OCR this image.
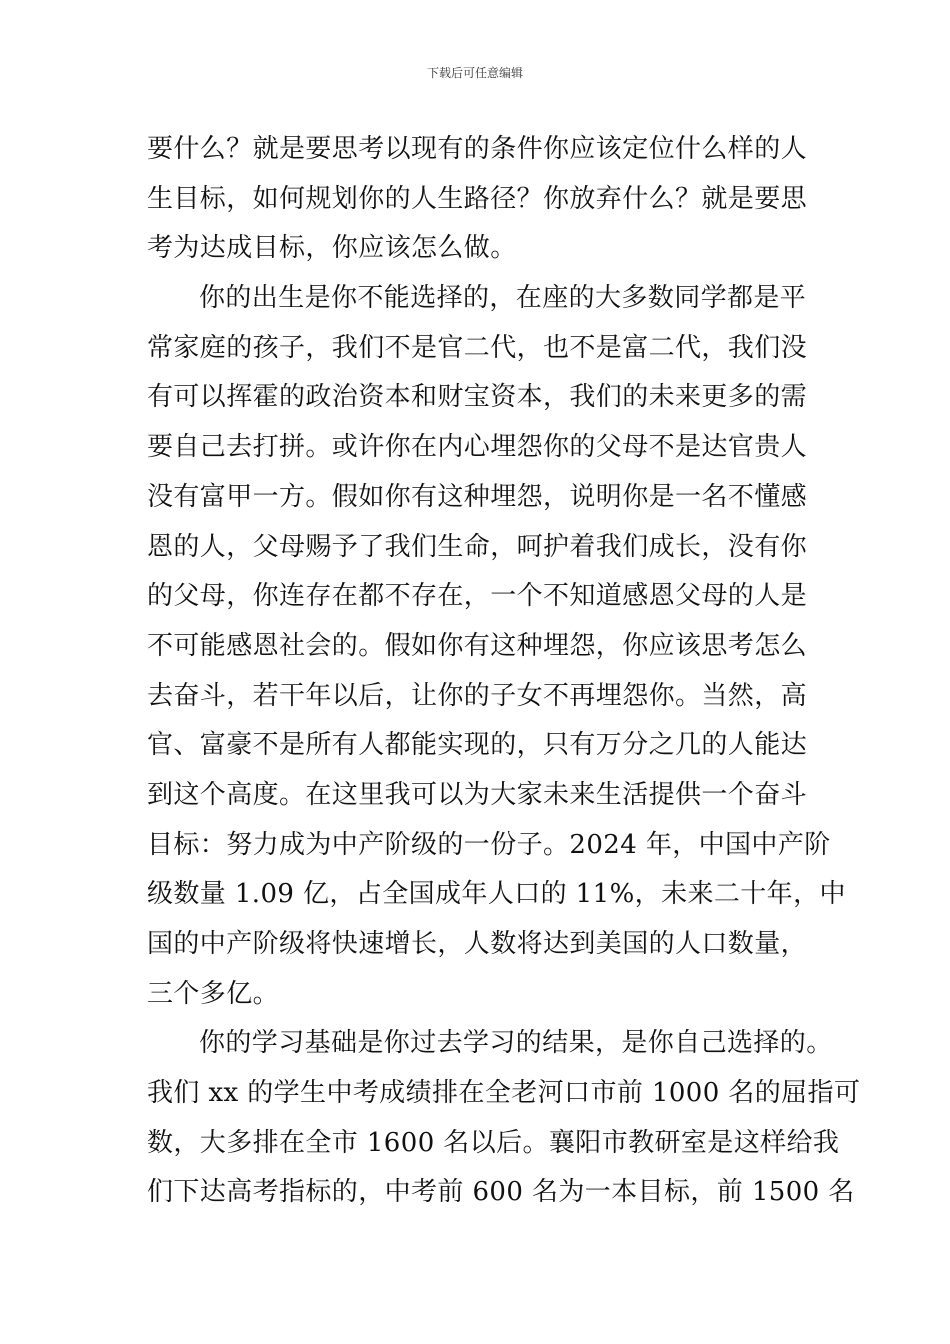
下载后可任意编辑
要什么？就是要思考以现有的条件你应该定位什么样的人
生目标，如何规划你的人生路径？你放弃什么？就是要思
考为达成目标，你应该怎么做。
你的出生是你不能选择的，在座的大多数同学都是平
常家庭的孩子，我们不是官二代，也不是富二代，我们没
有可以挥霍的政治资本和财宝资本，我们的未来更多的需
要自己去打拼。或许你在内心埋怨你的父母不是达官贵人
没有富甲一方。假如你有这种埋怨，说明你是一名不懂感
恩的人，父母赐予了我们生命，呵护着我们成长，没有你
的父母，你连存在都不存在，一个不知道感恩父母的人是
不可能感恩社会的。假如你有这种埋怨，你应该思考怎么
去奋斗，若干年以后，让你的子女不再埋怨你。当然，高
官、富豪不是所有人都能实现的，只有万分之几的人能达
到这个高度。在这里我可以为大家未来生活提供一个奋斗
目标：努力成为中产阶级的一份子。2024 年，中国中产阶
级数量 1.09 亿，占全国成年人口的 11%，未来二十年，中
国的中产阶级将快速增长，人数将达到美国的人口数量，
三个多亿。
你的学习基础是你过去学习的结果，是你自己选择的。
我们 xx 的学生中考成绩排在全老河口市前 1000 名的屈指可
数，大多排在全市 1600 名以后。襄阳市教研室是这样给我
们下达高考指标的，中考前 600 名为一本目标，前 1500 名
